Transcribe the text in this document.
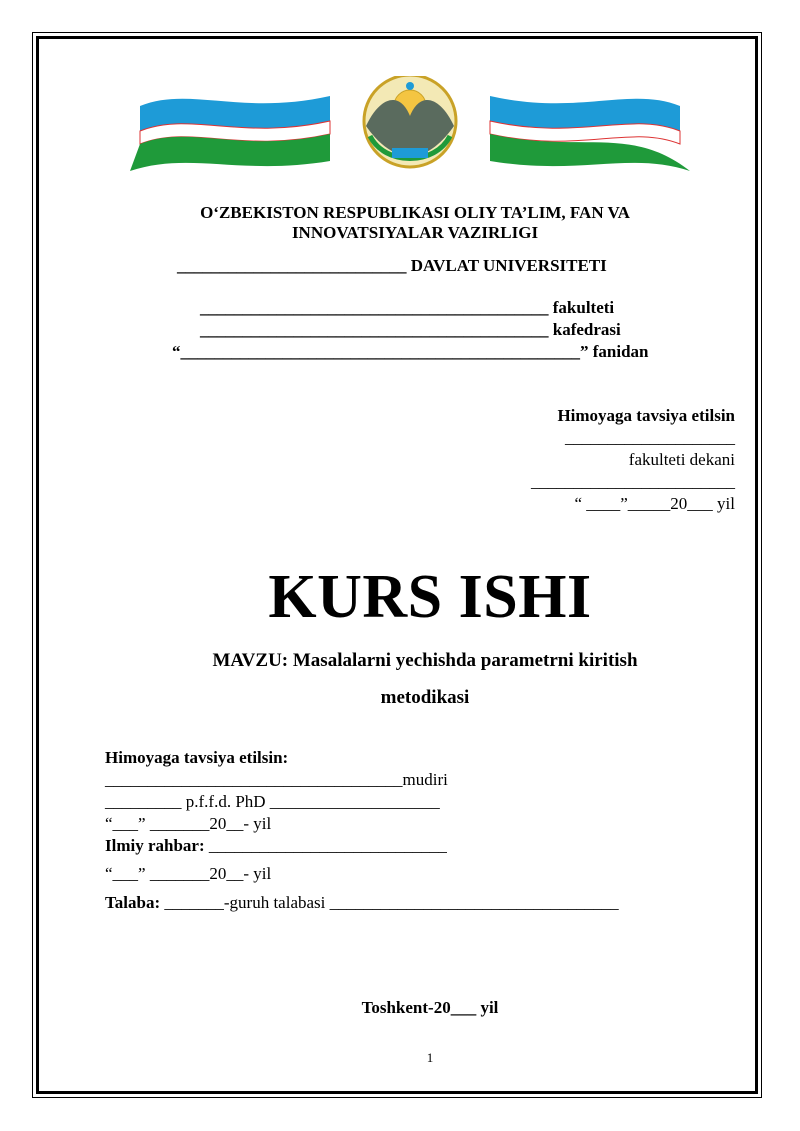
O‘ZBEKISTON RESPUBLIKASI OLIY TA’LIM, FAN VA
INNOVATSIYALAR VAZIRLIGI
___________________________ DAVLAT UNIVERSITETI
_________________________________________ fakulteti
_________________________________________ kafedrasi
“_______________________________________________” fanidan
Himoyaga tavsiya etilsin
____________________
fakulteti dekani
________________________
“ ____”_____20___ yil
KURS ISHI
MAVZU: Masalalarni yechishda parametrni kiritish
metodikasi
Himoyaga tavsiya etilsin:
___________________________________mudiri
_________ p.f.f.d. PhD ____________________
“___” _______20__- yil
Ilmiy rahbar: ____________________________
“___” _______20__- yil
Talaba: _______-guruh talabasi __________________________________
Toshkent-20___ yil
1
